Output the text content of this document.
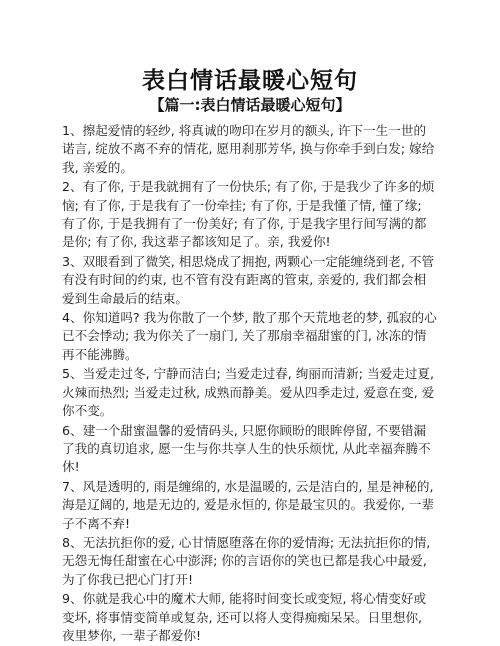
表白情话最暖心短句
【篇一:表白情话最暖心短句】

1、擦起爱情的轻纱, 将真诚的吻印在岁月的额头, 许下一生一世的诺言, 绽放不离不弃的情花, 愿用刹那芳华, 换与你牵手到白发; 嫁给我, 亲爱的。

2、有了你, 于是我就拥有了一份快乐; 有了你, 于是我少了许多的烦恼; 有了你, 于是我有了一份牵挂; 有了你, 于是我懂了情, 懂了缘; 有了你, 于是我拥有了一份美好; 有了你, 于是我字里行间写满的都是你; 有了你, 我这辈子都该知足了。亲, 我爱你!

3、双眼看到了微笑, 相思烧成了拥抱, 两颗心一定能缠绕到老, 不管有没有时间的约束, 也不管有没有距离的管束, 亲爱的, 我们都会相爱到生命最后的结束。

4、你知道吗? 我为你散了一个梦, 散了那个天荒地老的梦, 孤寂的心已不会悸动; 我为你关了一扇门, 关了那扇幸福甜蜜的门, 冰冻的情再不能沸腾。

5、当爱走过冬, 宁静而洁白; 当爱走过春, 绚丽而清新; 当爱走过夏, 火辣而热烈; 当爱走过秋, 成熟而静美。爱从四季走过, 爱意在变, 爱你不变。

6、建一个甜蜜温馨的爱情码头, 只愿你顾盼的眼眸停留, 不要错漏了我的真切追求, 愿一生与你共享人生的快乐烦忧, 从此幸福奔腾不休!

7、风是透明的, 雨是缠绵的, 水是温暖的, 云是洁白的, 星是神秘的, 海是辽阔的, 地是无边的, 爱是永恒的, 你是最宝贝的。我爱你, 一辈子不离不弃!

8、无法抗拒你的爱, 心甘情愿堕落在你的爱情海; 无法抗拒你的情, 无怨无悔任甜蜜在心中澎湃; 你的言语你的笑也已都是我心中最爱, 为了你我已把心门打开!

9、你就是我心中的魔术大师, 能将时间变长或变短, 将心情变好或变坏, 将事情变简单或复杂, 还可以将人变得痴痴呆呆。日里想你, 夜里梦你, 一辈子都爱你!
